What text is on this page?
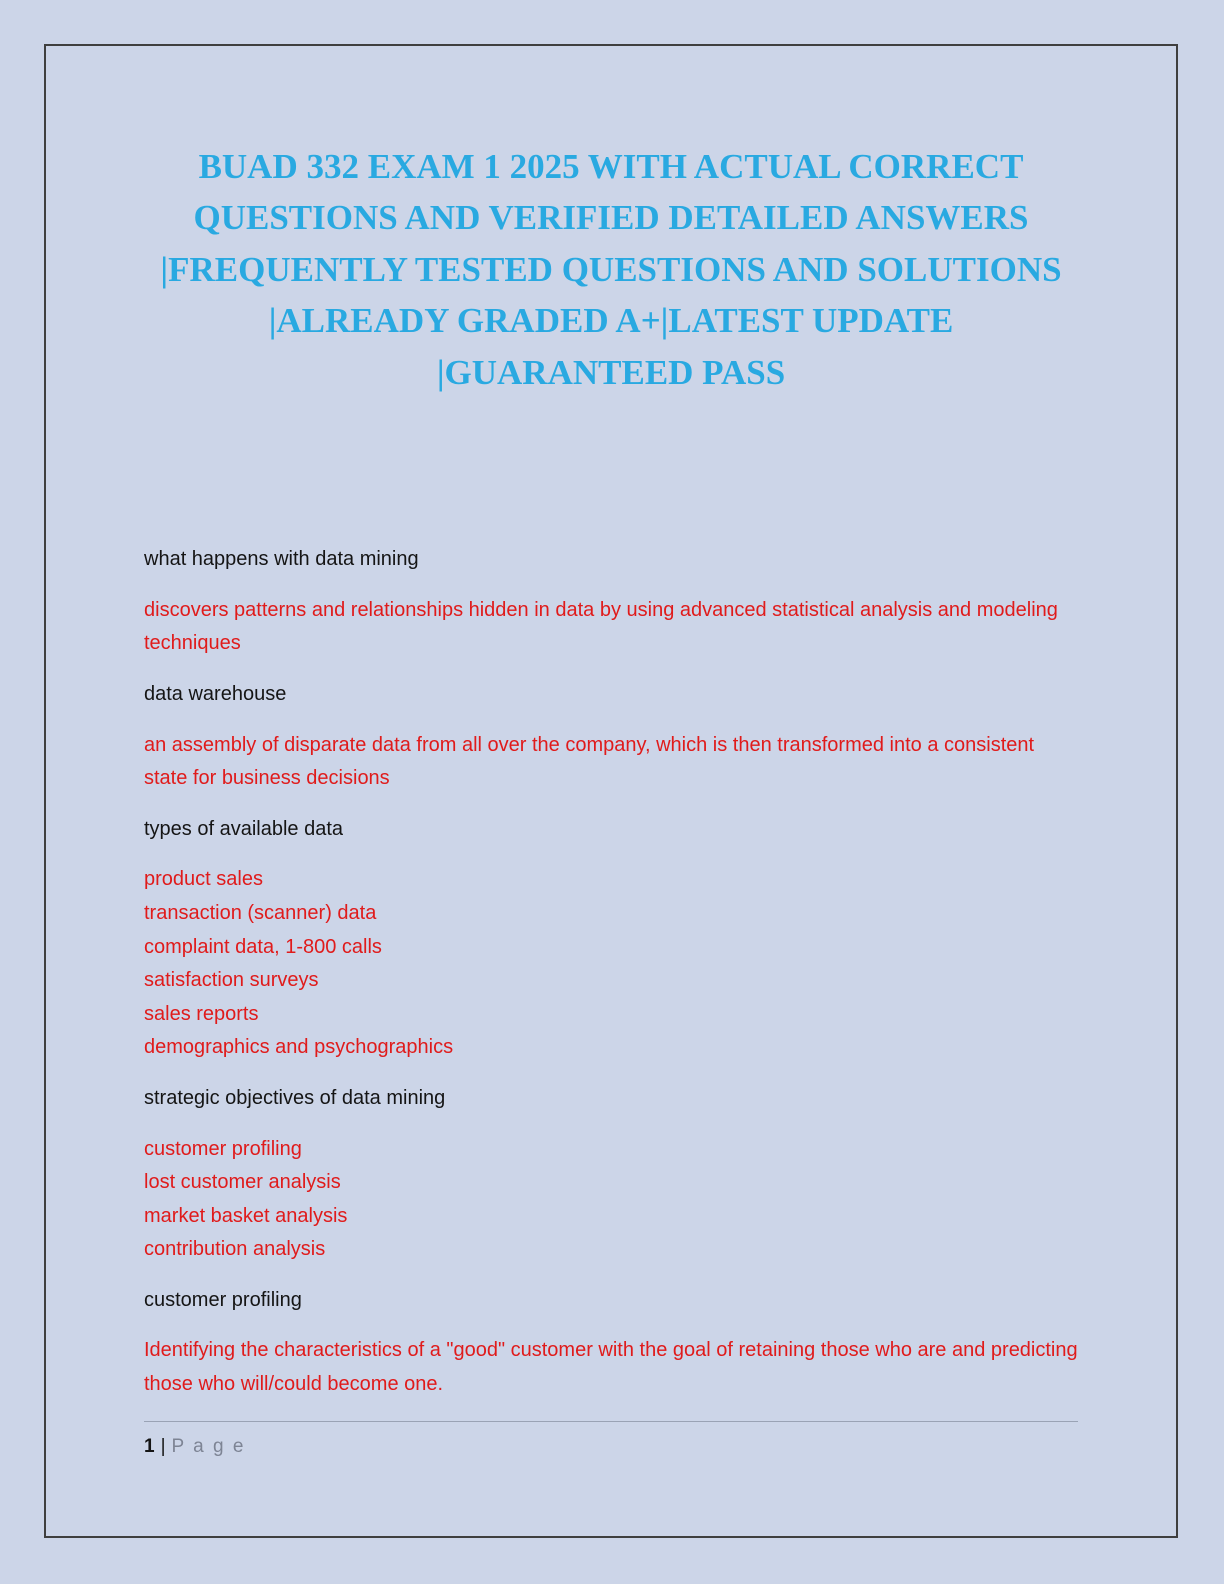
BUAD 332 EXAM 1 2025 WITH ACTUAL CORRECT QUESTIONS AND VERIFIED DETAILED ANSWERS |FREQUENTLY TESTED QUESTIONS AND SOLUTIONS |ALREADY GRADED A+|LATEST UPDATE |GUARANTEED PASS

what happens with data mining

discovers patterns and relationships hidden in data by using advanced statistical analysis and modeling techniques

data warehouse

an assembly of disparate data from all over the company, which is then transformed into a consistent state for business decisions

types of available data

product sales
transaction (scanner) data
complaint data, 1-800 calls
satisfaction surveys
sales reports
demographics and psychographics

strategic objectives of data mining

customer profiling
lost customer analysis
market basket analysis
contribution analysis

customer profiling

Identifying the characteristics of a "good" customer with the goal of retaining those who are and predicting those who will/could become one.

1 | P a g e
